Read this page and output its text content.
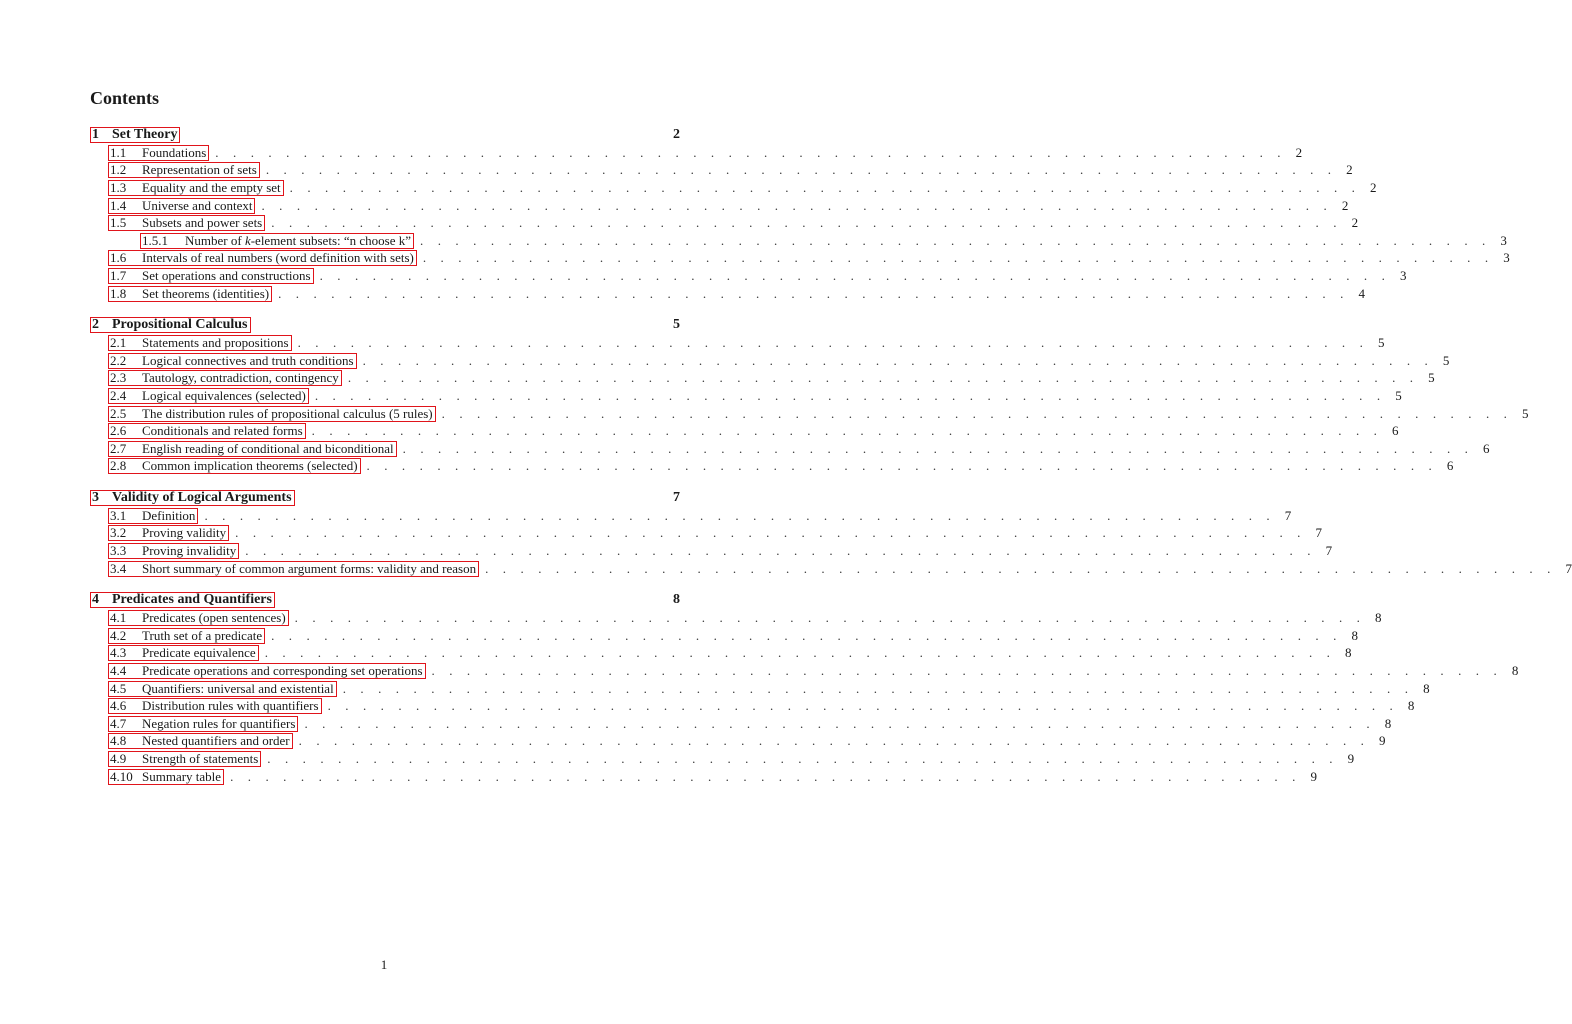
Contents
1 Set Theory	2
1.1	Foundations . . . . . . . . . . . . . . . . . . . . . . . . . . . . . . . . . . . . . . . . . . . . . . . . . . . . . . . . . . . . . 2
1.2	Representation of sets . . . . . . . . . . . . . . . . . . . . . . . . . . . . . . . . . . . . . . . . . . . . . . . . . . . . . . . . . . . . . 2
1.3	Equality and the empty set . . . . . . . . . . . . . . . . . . . . . . . . . . . . . . . . . . . . . . . . . . . . . . . . . . . . . . . . . . . . . 2
1.4	Universe and context . . . . . . . . . . . . . . . . . . . . . . . . . . . . . . . . . . . . . . . . . . . . . . . . . . . . . . . . . . . . . 2
1.5	Subsets and power sets . . . . . . . . . . . . . . . . . . . . . . . . . . . . . . . . . . . . . . . . . . . . . . . . . . . . . . . . . . . . . 2
1.5.1	Number of k-element subsets: “n choose k” . . . . . . . . . . . . . . . . . . . . . . . . . . . . . . . . . . . . . . . . . . . . . . . . . . . . . . . . . . . . . 3
1.6	Intervals of real numbers (word definition with sets) . . . . . . . . . . . . . . . . . . . . . . . . . . . . . . . . . . . . . . . . . . . . . . . . . . . . . . . . . . . . . 3
1.7	Set operations and constructions . . . . . . . . . . . . . . . . . . . . . . . . . . . . . . . . . . . . . . . . . . . . . . . . . . . . . . . . . . . . . 3
1.8	Set theorems (identities) . . . . . . . . . . . . . . . . . . . . . . . . . . . . . . . . . . . . . . . . . . . . . . . . . . . . . . . . . . . . . 4
2 Propositional Calculus	5
2.1	Statements and propositions . . . . . . . . . . . . . . . . . . . . . . . . . . . . . . . . . . . . . . . . . . . . . . . . . . . . . . . . . . . . . 5
2.2	Logical connectives and truth conditions . . . . . . . . . . . . . . . . . . . . . . . . . . . . . . . . . . . . . . . . . . . . . . . . . . . . . . . . . . . . . 5
2.3	Tautology, contradiction, contingency . . . . . . . . . . . . . . . . . . . . . . . . . . . . . . . . . . . . . . . . . . . . . . . . . . . . . . . . . . . . . 5
2.4	Logical equivalences (selected) . . . . . . . . . . . . . . . . . . . . . . . . . . . . . . . . . . . . . . . . . . . . . . . . . . . . . . . . . . . . . 5
2.5	The distribution rules of propositional calculus (5 rules) . . . . . . . . . . . . . . . . . . . . . . . . . . . . . . . . . . . . . . . . . . . . . . . . . . . . . . . . . . . . . 5
2.6	Conditionals and related forms . . . . . . . . . . . . . . . . . . . . . . . . . . . . . . . . . . . . . . . . . . . . . . . . . . . . . . . . . . . . . 6
2.7	English reading of conditional and biconditional . . . . . . . . . . . . . . . . . . . . . . . . . . . . . . . . . . . . . . . . . . . . . . . . . . . . . . . . . . . . . 6
2.8	Common implication theorems (selected) . . . . . . . . . . . . . . . . . . . . . . . . . . . . . . . . . . . . . . . . . . . . . . . . . . . . . . . . . . . . . 6
3 Validity of Logical Arguments	7
3.1	Definition . . . . . . . . . . . . . . . . . . . . . . . . . . . . . . . . . . . . . . . . . . . . . . . . . . . . . . . . . . . . . 7
3.2	Proving validity . . . . . . . . . . . . . . . . . . . . . . . . . . . . . . . . . . . . . . . . . . . . . . . . . . . . . . . . . . . . . 7
3.3	Proving invalidity . . . . . . . . . . . . . . . . . . . . . . . . . . . . . . . . . . . . . . . . . . . . . . . . . . . . . . . . . . . . . 7
3.4	Short summary of common argument forms: validity and reason . . . . . . . . . . . . . . . . . . . . . . . . . . . . . . . . . . . . . . . . . . . . . . . . . . . . . . . . . . . . . 7
4 Predicates and Quantifiers	8
4.1	Predicates (open sentences) . . . . . . . . . . . . . . . . . . . . . . . . . . . . . . . . . . . . . . . . . . . . . . . . . . . . . . . . . . . . . 8
4.2	Truth set of a predicate . . . . . . . . . . . . . . . . . . . . . . . . . . . . . . . . . . . . . . . . . . . . . . . . . . . . . . . . . . . . . 8
4.3	Predicate equivalence . . . . . . . . . . . . . . . . . . . . . . . . . . . . . . . . . . . . . . . . . . . . . . . . . . . . . . . . . . . . . 8
4.4	Predicate operations and corresponding set operations . . . . . . . . . . . . . . . . . . . . . . . . . . . . . . . . . . . . . . . . . . . . . . . . . . . . . . . . . . . . . 8
4.5	Quantifiers: universal and existential . . . . . . . . . . . . . . . . . . . . . . . . . . . . . . . . . . . . . . . . . . . . . . . . . . . . . . . . . . . . . 8
4.6	Distribution rules with quantifiers . . . . . . . . . . . . . . . . . . . . . . . . . . . . . . . . . . . . . . . . . . . . . . . . . . . . . . . . . . . . . 8
4.7	Negation rules for quantifiers . . . . . . . . . . . . . . . . . . . . . . . . . . . . . . . . . . . . . . . . . . . . . . . . . . . . . . . . . . . . . 8
4.8	Nested quantifiers and order . . . . . . . . . . . . . . . . . . . . . . . . . . . . . . . . . . . . . . . . . . . . . . . . . . . . . . . . . . . . . 9
4.9	Strength of statements . . . . . . . . . . . . . . . . . . . . . . . . . . . . . . . . . . . . . . . . . . . . . . . . . . . . . . . . . . . . . 9
4.10 Summary table . . . . . . . . . . . . . . . . . . . . . . . . . . . . . . . . . . . . . . . . . . . . . . . . . . . . . . . . . . . . . 9
1
